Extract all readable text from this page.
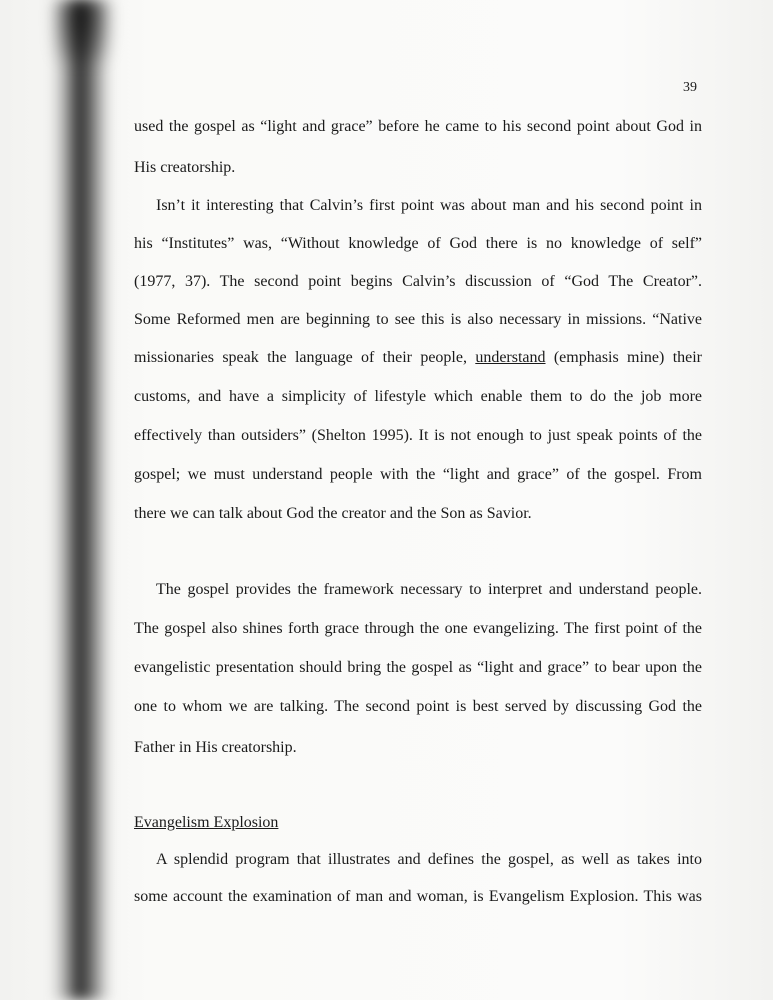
39
used the gospel as “light and grace” before he came to his second point about God in
His creatorship.
Isn’t it interesting that Calvin’s first point was about man and his second point in
his “Institutes” was, “Without knowledge of God there is no knowledge of self”
(1977, 37). The second point begins Calvin’s discussion of “God The Creator”.
Some Reformed men are beginning to see this is also necessary in missions. “Native
missionaries speak the language of their people, understand (emphasis mine) their
customs, and have a simplicity of lifestyle which enable them to do the job more
effectively than outsiders” (Shelton 1995). It is not enough to just speak points of the
gospel; we must understand people with the “light and grace” of the gospel. From
there we can talk about God the creator and the Son as Savior.
The gospel provides the framework necessary to interpret and understand people.
The gospel also shines forth grace through the one evangelizing. The first point of the
evangelistic presentation should bring the gospel as “light and grace” to bear upon the
one to whom we are talking. The second point is best served by discussing God the
Father in His creatorship.
Evangelism Explosion
A splendid program that illustrates and defines the gospel, as well as takes into
some account the examination of man and woman, is Evangelism Explosion. This was
